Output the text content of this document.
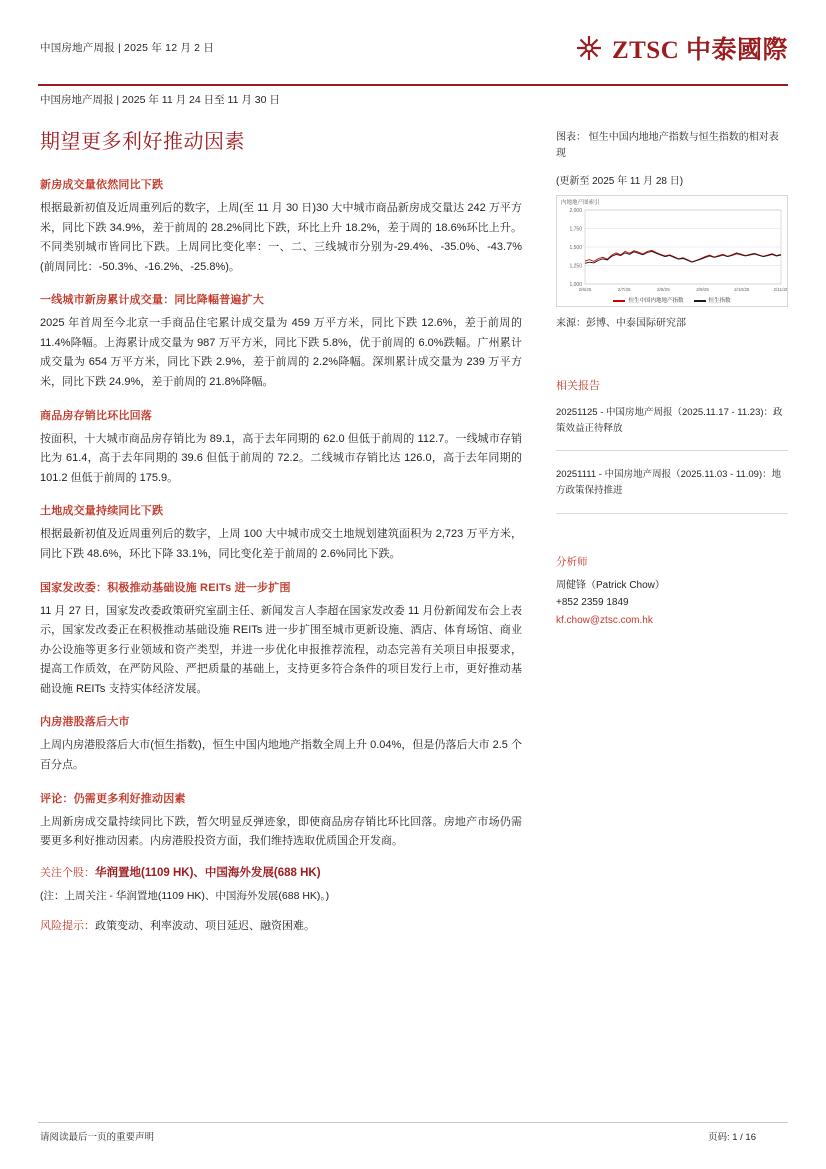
中国房地产周报 | 2025 年 12 月 2 日	ZTSC 中泰國際
中国房地产周报 | 2025 年 11 月 24 日至 11 月 30 日
期望更多利好推动因素
新房成交量依然同比下跌

根据最新初值及近周重列后的数字，上周(至 11 月 30 日)30 大中城市商品新房成交量达 242 万平方米，同比下跌 34.9%，差于前周的 28.2%同比下跌，环比上升 18.2%，差于周的 18.6%环比上升。不同类别城市皆同比下跌。上周同比变化率：一、二、三线城市分别为-29.4%、-35.0%、-43.7%(前周同比：-50.3%、-16.2%、-25.8%)。

一线城市新房累计成交量：同比降幅普遍扩大

2025 年首周至今北京一手商品住宅累计成交量为 459 万平方米，同比下跌 12.6%，差于前周的 11.4%降幅。上海累计成交量为 987 万平方米，同比下跌 5.8%，优于前周的 6.0%跌幅。广州累计成交量为 654 万平方米，同比下跌 2.9%，差于前周的 2.2%降幅。深圳累计成交量为 239 万平方米，同比下跌 24.9%，差于前周的 21.8%降幅。

商品房存销比环比回落

按面积，十大城市商品房存销比为 89.1，高于去年同期的 62.0 但低于前周的 112.7。一线城市存销比为 61.4，高于去年同期的 39.6 但低于前周的 72.2。二线城市存销比达 126.0，高于去年同期的 101.2 但低于前周的 175.9。

土地成交量持续同比下跌

根据最新初值及近周重列后的数字，上周 100 大中城市成交土地规划建筑面积为 2,723 万平方米，同比下跌 48.6%，环比下降 33.1%，同比变化差于前周的 2.6%同比下跌。

国家发改委：积极推动基础设施 REITs 进一步扩围

11 月 27 日，国家发改委政策研究室副主任、新闻发言人李超在国家发改委 11 月份新闻发布会上表示，国家发改委正在积极推动基础设施 REITs 进一步扩围至城市更新设施、酒店、体育场馆、商业办公设施等更多行业领域和资产类型，并进一步优化申报推荐流程，动态完善有关项目申报要求，提高工作质效，在严防风险、严把质量的基础上，支持更多符合条件的项目发行上市，更好推动基础设施 REITs 支持实体经济发展。

内房港股落后大市

上周内房港股落后大市(恒生指数)，恒生中国内地地产指数全周上升 0.04%，但是仍落后大市 2.5 个百分点。

评论：仍需更多利好推动因素

上周新房成交量持续同比下跌，暂欠明显反弹迹象，即使商品房存销比环比回落。房地产市场仍需要更多利好推动因素。内房港股投资方面，我们维持选取优质国企开发商。

关注个股：华润置地(1109 HK)、中国海外发展(688 HK)

(注：上周关注 - 华润置地(1109 HK)、中国海外发展(688 HK)。)

风险提示：政策变动、利率波动、项目延迟、融资困难。

图表： 恒生中国内地地产指数与恒生指数的相对表现

(更新至 2025 年 11 月 28 日)

内地地产图索引
1,000
1,250
1,500
1,750
2,000
2/6/25	2/7/25	2/8/25	2/9/25	2/10/25	2/11/25
恒生中国内地地产指数	恒生指数

来源：彭博、中泰国际研究部

相关报告
20251125 - 中国房地产周报（2025.11.17 - 11.23)：政策效益正待释放
20251111 - 中国房地产周报（2025.11.03 - 11.09)：地方政策保持推进
分析师
周健锋（Patrick Chow）
+852 2359 1849
kf.chow@ztsc.com.hk
请阅读最后一页的重要声明	页码: 1 / 16
